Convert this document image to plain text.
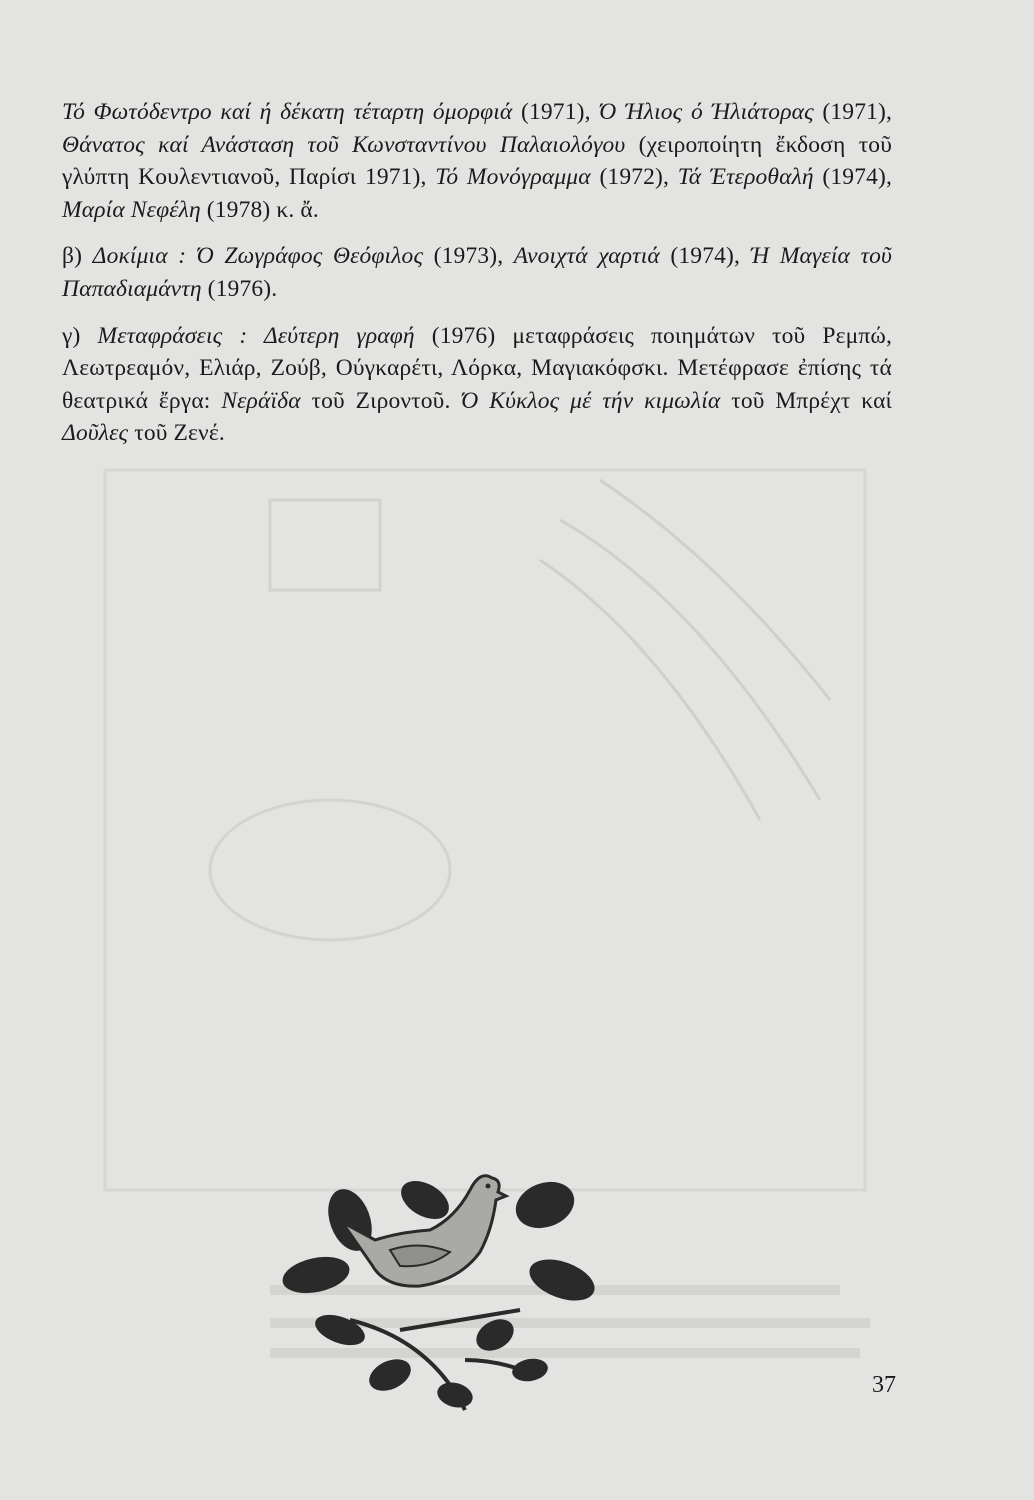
Τό Φωτόδεντρο καί ή δέκατη τέταρτη όμορφιά (1971), Ό Ήλιος ό Ήλιάτορας (1971), Θάνατος καί Ανάσταση τοῦ Κωνσταντίνου Παλαιολόγου (χειροποίητη ἔκδοση τοῦ γλύπτη Κουλεντιανοῦ, Παρίσι 1971), Τό Μονόγραμμα (1972), Τά Έτεροθαλή (1974), Μαρία Νεφέλη (1978) κ. ἄ.

β) Δοκίμια : Ό Ζωγράφος Θεόφιλος (1973), Ανοιχτά χαρτιά (1974), Ή Μαγεία τοῦ Παπαδιαμάντη (1976).

γ) Μεταφράσεις : Δεύτερη γραφή (1976) μεταφράσεις ποιημάτων τοῦ Ρεμπώ, Λεωτρεαμόν, Ελιάρ, Ζούβ, Ούγκαρέτι, Λόρκα, Μαγιακόφσκι. Μετέφρασε ἐπίσης τά θεατρικά ἔργα: Νεράϊδα τοῦ Ζιροντοῦ. Ό Κύκλος μέ τήν κιμωλία τοῦ Μπρέχτ καί Δοῦλες τοῦ Ζενέ.

37
